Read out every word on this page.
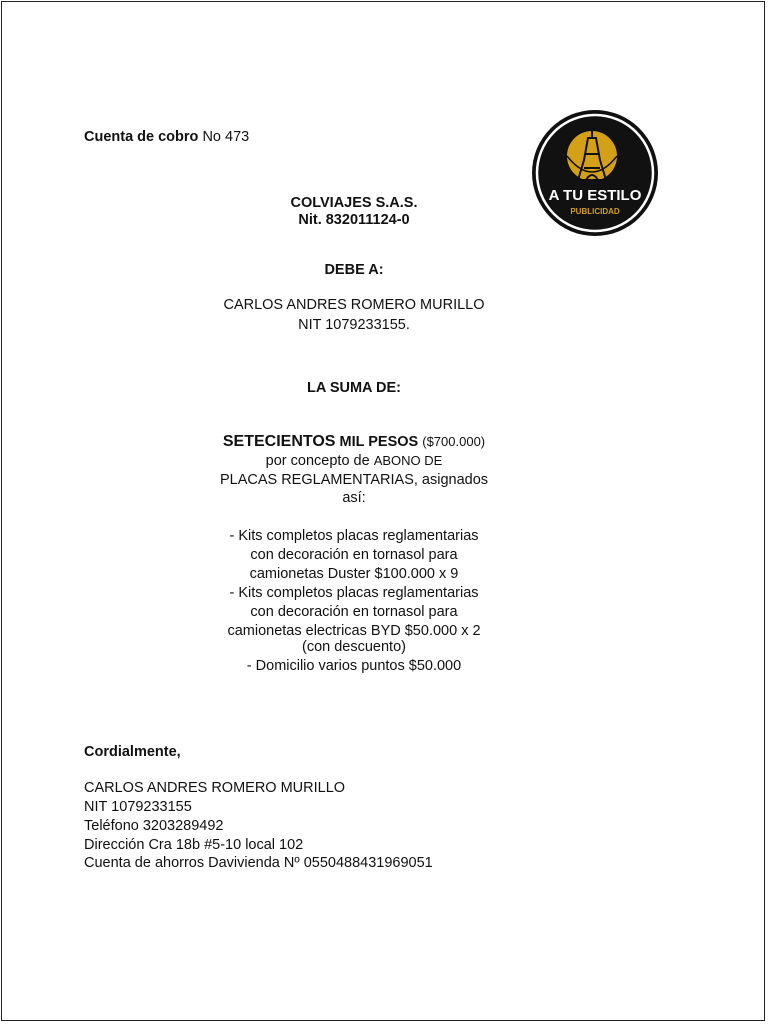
Cuenta de cobro No 473
A TU ESTILO
PUBLICIDAD
COLVIAJES S.A.S.
Nit. 832011124-0
DEBE A:
CARLOS ANDRES ROMERO MURILLO
NIT 1079233155.
LA SUMA DE:
SETECIENTOS MIL PESOS ($700.000)
por concepto de ABONO DE
PLACAS REGLAMENTARIAS, asignados
así:
- Kits completos placas reglamentarias
con decoración en tornasol para
camionetas Duster $100.000 x 9
- Kits completos placas reglamentarias
con decoración en tornasol para
camionetas electricas BYD $50.000 x 2
(con descuento)
- Domicilio varios puntos $50.000
Cordialmente,
CARLOS ANDRES ROMERO MURILLO
NIT 1079233155
Teléfono 3203289492
Dirección Cra 18b #5-10 local 102
Cuenta de ahorros Davivienda Nº 0550488431969051
